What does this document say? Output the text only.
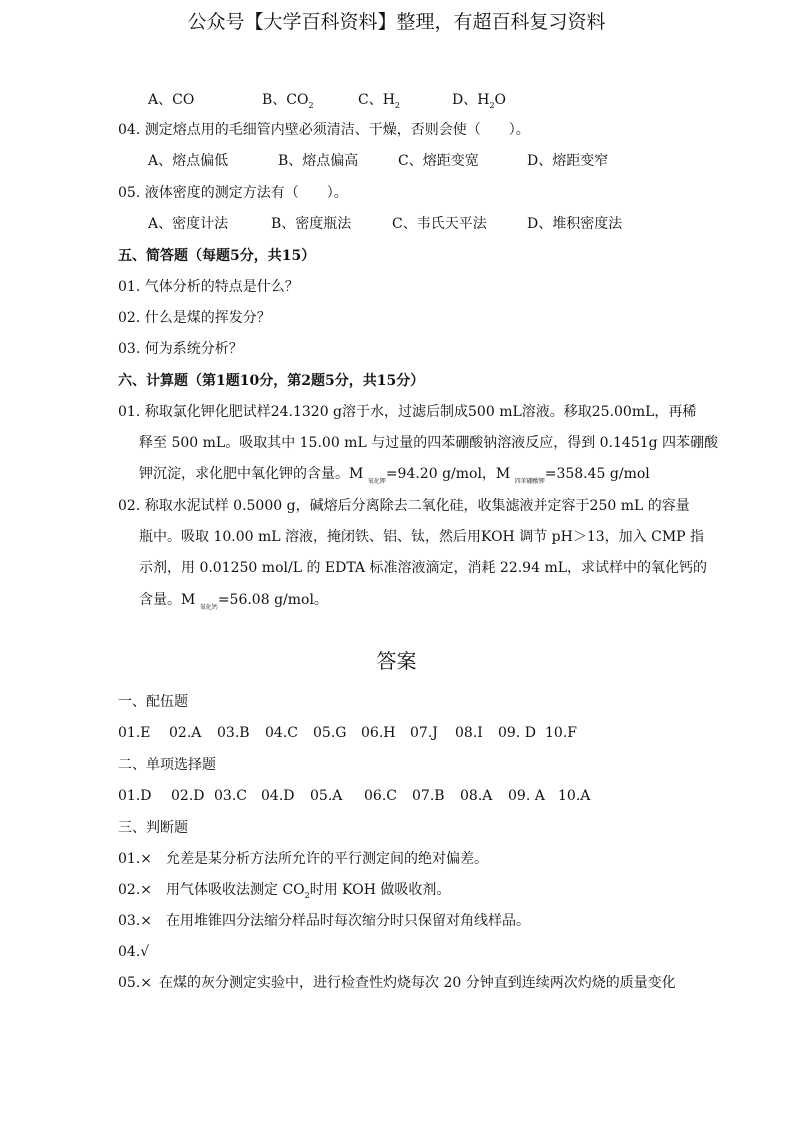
公众号【大学百科资料】整理，有超百科复习资料
A、CO	B、$CO_2$	C、$H_2$	D、$H_2O$
04. 测定熔点用的毛细管内壁必须清洁、干燥，否则会使（　　）。
A、熔点偏低	B、熔点偏高	C、熔距变宽	D、熔距变窄
05. 液体密度的测定方法有（　　）。
A、密度计法	B、密度瓶法	C、韦氏天平法	D、堆积密度法
五、简答题（每题5分，共15）
01. 气体分析的特点是什么？
02. 什么是煤的挥发分？
03. 何为系统分析？
六、计算题（第1题10分，第2题5分，共15分）
01. 称取氯化钾化肥试样24.1320 g溶于水，过滤后制成500 mL溶液。移取25.00mL，再稀
释至 500 mL。吸取其中 15.00 mL 与过量的四苯硼酸钠溶液反应，得到 0.1451g 四苯硼酸
钾沉淀，求化肥中氧化钾的含量。M $_{氧化钾}$=94.20 g/mol，M $_{四苯硼酸钾}$=358.45 g/mol
02. 称取水泥试样 0.5000 g，碱熔后分离除去二氧化硅，收集滤液并定容于250 mL 的容量
瓶中。吸取 10.00 mL 溶液，掩闭铁、铝、钛，然后用KOH 调节 pH＞13，加入 CMP 指
示剂，用 0.01250 mol/L 的 EDTA 标准溶液滴定，消耗 22.94 mL，求试样中的氧化钙的
含量。M $_{氧化钙}$=56.08 g/mol。
答案
一、配伍题
01.E 02.A 03.B 04.C 05.G 06.H 07.J 08.I 09. D 10.F
二、单项选择题
01.D 02.D 03.C 04.D 05.A 06.C 07.B 08.A 09. A 10.A
三、判断题
01.× 允差是某分析方法所允许的平行测定间的绝对偏差。
02.× 用气体吸收法测定 $CO_2$时用 KOH 做吸收剂。
03.× 在用堆锥四分法缩分样品时每次缩分时只保留对角线样品。
04.√
05.× 在煤的灰分测定实验中，进行检查性灼烧每次 20 分钟直到连续两次灼烧的质量变化
